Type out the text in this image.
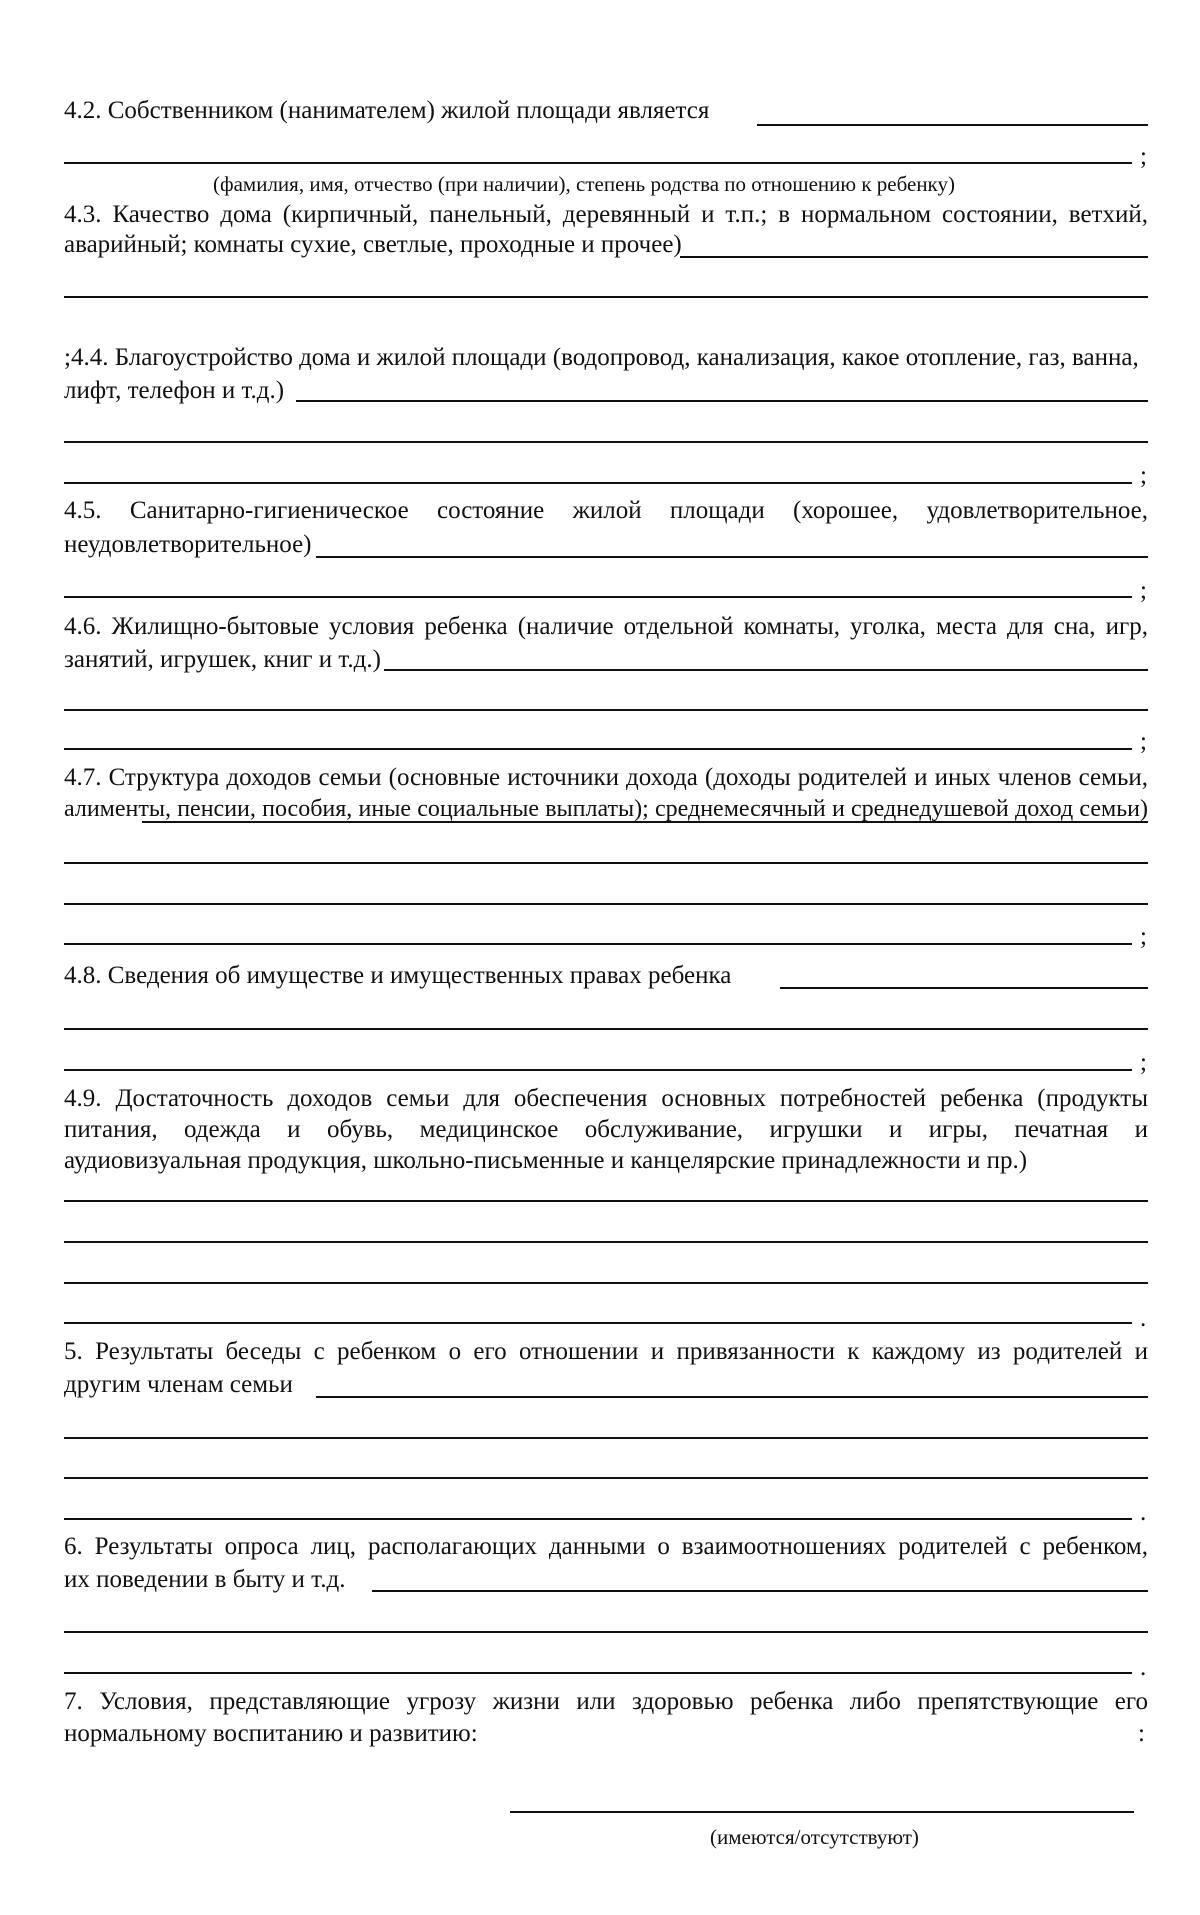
4.2. Собственником (нанимателем) жилой площади является
;
(фамилия, имя, отчество (при наличии), степень родства по отношению к ребенку)
4.3. Качество дома (кирпичный, панельный, деревянный и т.п.; в нормальном состоянии, ветхий,
аварийный; комнаты сухие, светлые, проходные и прочее)
;4.4. Благоустройство дома и жилой площади (водопровод, канализация, какое отопление, газ, ванна,
лифт, телефон и т.д.)
;
4.5. Санитарно-гигиеническое состояние жилой площади (хорошее, удовлетворительное,
неудовлетворительное)
;
4.6. Жилищно-бытовые условия ребенка (наличие отдельной комнаты, уголка, места для сна, игр,
занятий, игрушек, книг и т.д.)
;
4.7. Структура доходов семьи (основные источники дохода (доходы родителей и иных членов семьи,
алименты, пенсии, пособия, иные социальные выплаты); среднемесячный и среднедушевой доход семьи)
;
4.8. Сведения об имуществе и имущественных правах ребенка
;
4.9. Достаточность доходов семьи для обеспечения основных потребностей ребенка (продукты
питания, одежда и обувь, медицинское обслуживание, игрушки и игры, печатная и
аудиовизуальная продукция, школьно-письменные и канцелярские принадлежности и пр.)
.
5. Результаты беседы с ребенком о его отношении и привязанности к каждому из родителей и
другим членам семьи
.
6. Результаты опроса лиц, располагающих данными о взаимоотношениях родителей с ребенком,
их поведении в быту и т.д.
.
7. Условия, представляющие угрозу жизни или здоровью ребенка либо препятствующие его
нормальному воспитанию и развитию:	:
(имеются/отсутствуют)
